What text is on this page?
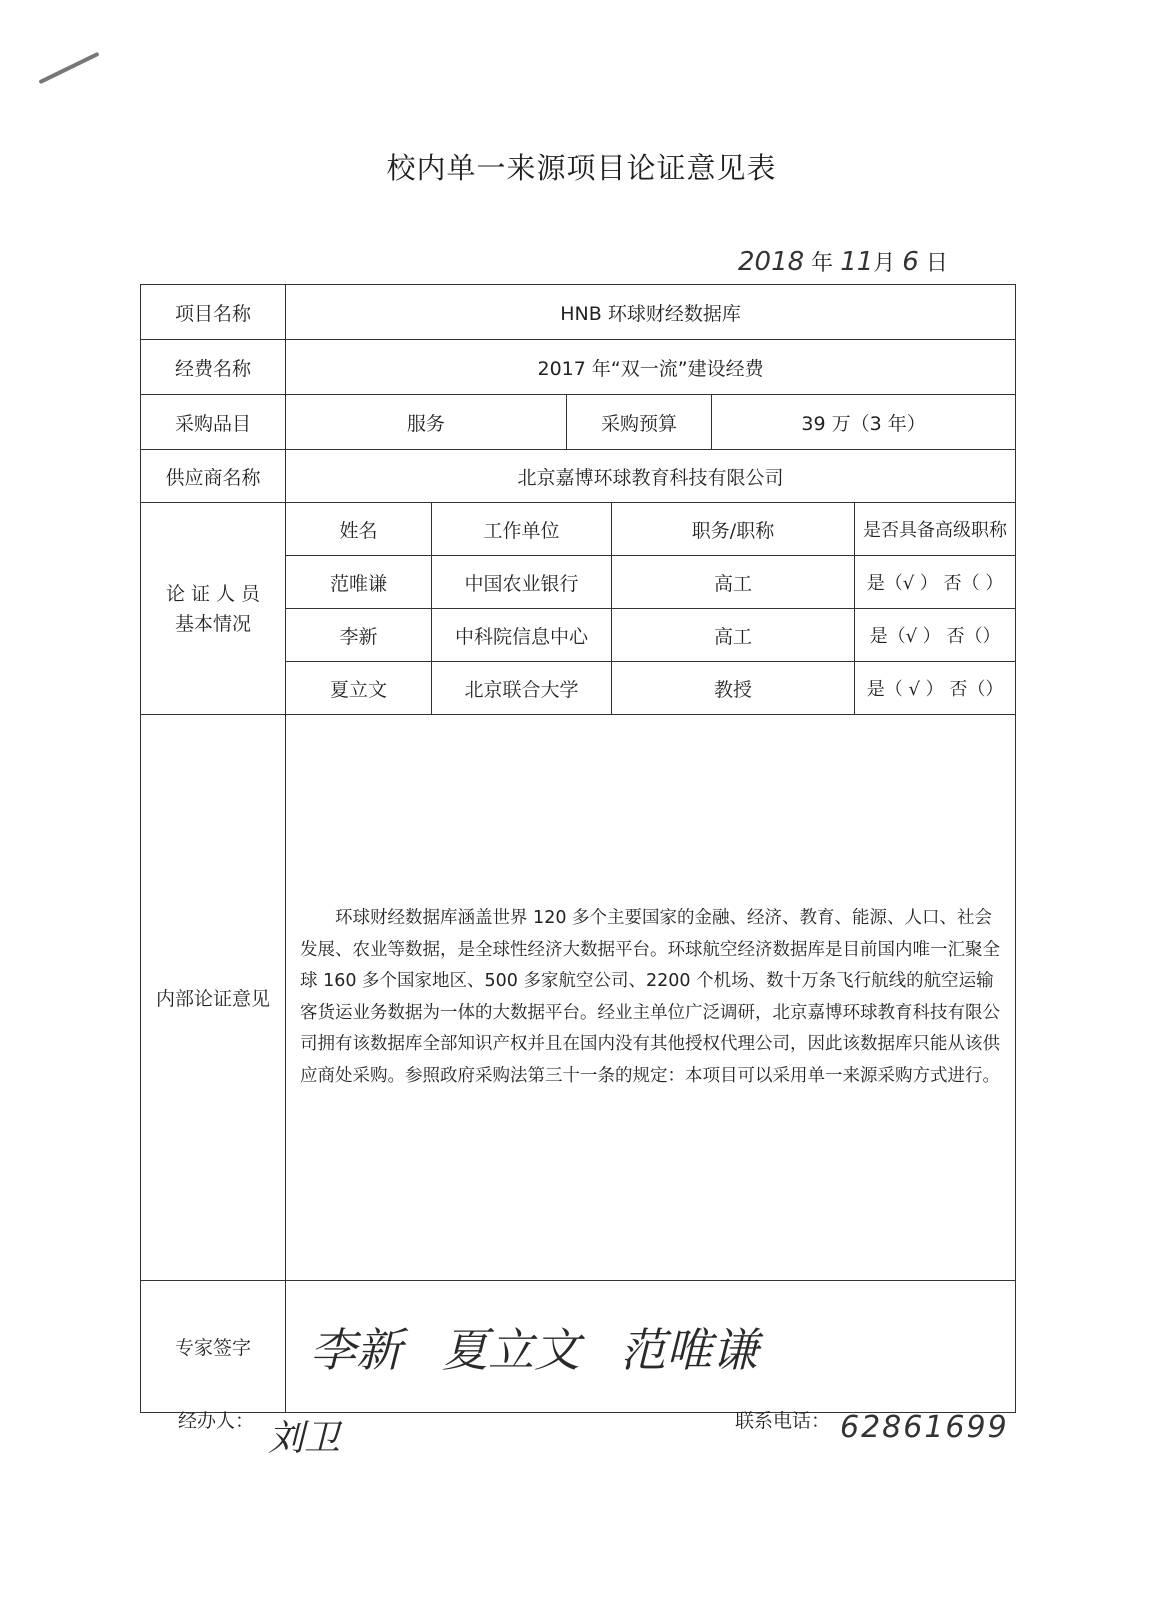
校内单一来源项目论证意见表
2018 年 11月 6 日
项目名称	HNB 环球财经数据库					
经费名称	2017 年“双一流”建设经费					
采购品目	服务		采购预算		39 万（3 年）	
供应商名称	北京嘉博环球教育科技有限公司					
论 证 人 员
基本情况	姓名	工作单位		职务/职称		是否具备高级职称
	范唯谦	中国农业银行		高工		是（√ ） 否（ ）
	李新	中科院信息中心		高工		是（√ ） 否（）
	夏立文	北京联合大学		教授		是（ √ ） 否（）
内部论证意见	环球财经数据库涵盖世界 120 多个主要国家的金融、经济、教育、能源、人口、社会发展、农业等数据，是全球性经济大数据平台。环球航空经济数据库是目前国内唯一汇聚全球 160 多个国家地区、500 多家航空公司、2200 个机场、数十万条飞行航线的航空运输客货运业务数据为一体的大数据平台。经业主单位广泛调研，北京嘉博环球教育科技有限公司拥有该数据库全部知识产权并且在国内没有其他授权代理公司，因此该数据库只能从该供应商处采购。参照政府采购法第三十一条的规定：本项目可以采用单一来源采购方式进行。					
专家签字	李新 夏立文 范唯谦					
经办人： 刘卫	联系电话： 62861699
